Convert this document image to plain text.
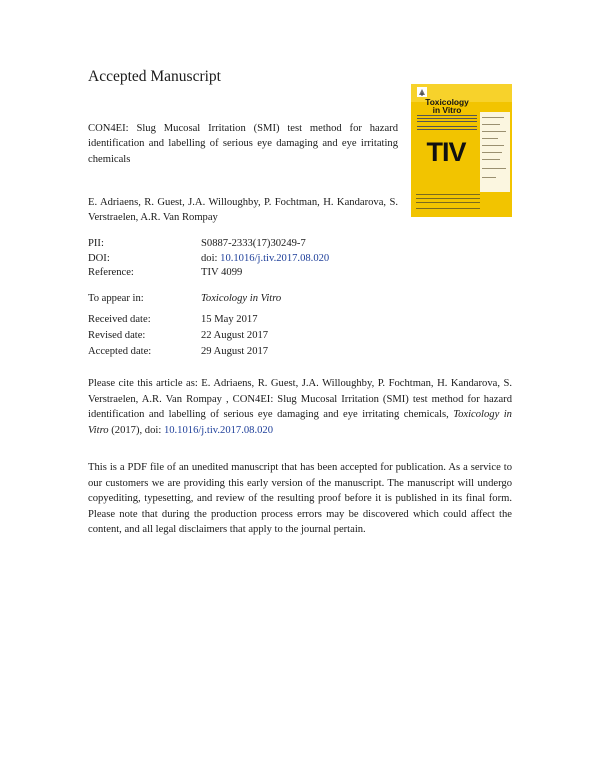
Accepted Manuscript
CON4EI: Slug Mucosal Irritation (SMI) test method for hazard identification and labelling of serious eye damaging and eye irritating chemicals
E. Adriaens, R. Guest, J.A. Willoughby, P. Fochtman, H. Kandarova, S. Verstraelen, A.R. Van Rompay
Toxicology
in Vitro
TIV
PII:	S0887-2333(17)30249-7
DOI:	doi: 10.1016/j.tiv.2017.08.020
Reference:	TIV 4099
To appear in:	Toxicology in Vitro
Received date:	15 May 2017
Revised date:	22 August 2017
Accepted date:	29 August 2017
Please cite this article as: E. Adriaens, R. Guest, J.A. Willoughby, P. Fochtman, H. Kandarova, S. Verstraelen, A.R. Van Rompay , CON4EI: Slug Mucosal Irritation (SMI) test method for hazard identification and labelling of serious eye damaging and eye irritating chemicals, Toxicology in Vitro (2017), doi: 10.1016/j.tiv.2017.08.020
This is a PDF file of an unedited manuscript that has been accepted for publication. As a service to our customers we are providing this early version of the manuscript. The manuscript will undergo copyediting, typesetting, and review of the resulting proof before it is published in its final form. Please note that during the production process errors may be discovered which could affect the content, and all legal disclaimers that apply to the journal pertain.
